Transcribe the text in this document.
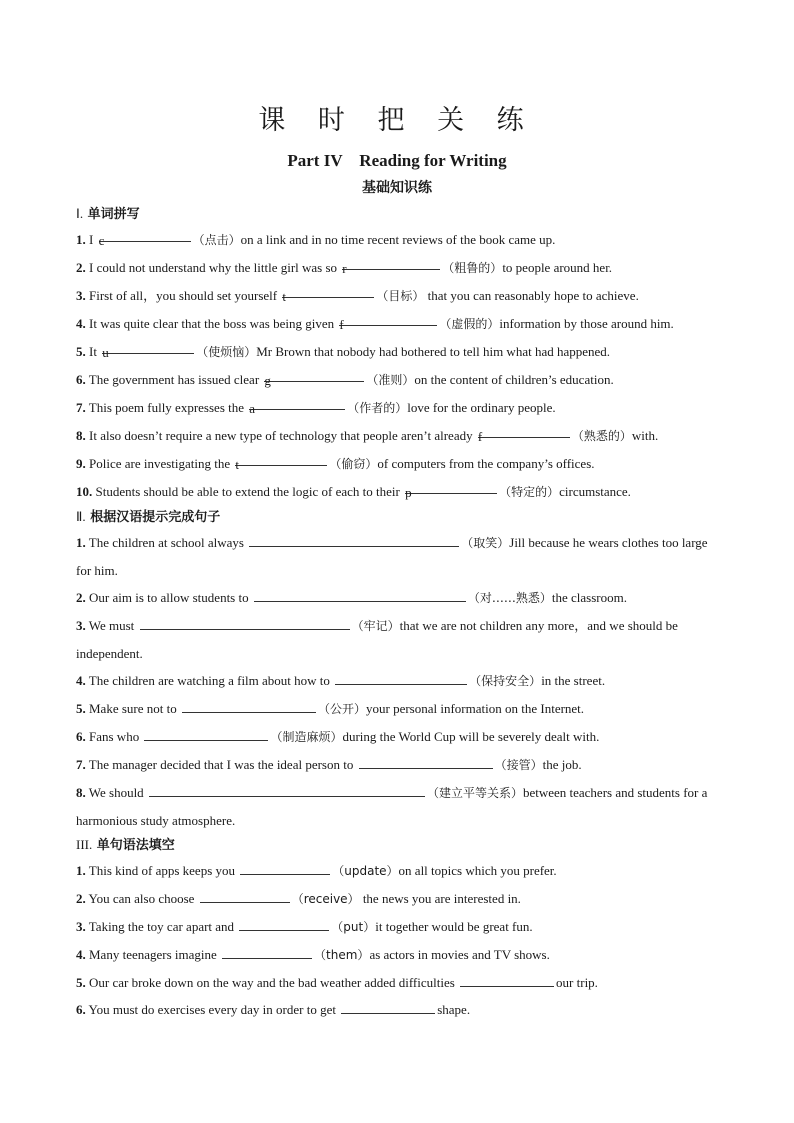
课 时 把 关 练
Part IV    Reading for Writing
基础知识练
Ⅰ. 单词拼写
1. I c	（点击）on a link and in no time recent reviews of the book came up.
2. I could not understand why the little girl was so r	（粗鲁的）to people around her.
3. First of all，you should set yourself t	（目标） that you can reasonably hope to achieve.
4. It was quite clear that the boss was being given f	（虚假的）information by those around him.
5. It u	（使烦恼）Mr Brown that nobody had bothered to tell him what had happened.
6. The government has issued clear g	（准则）on the content of children’s education.
7. This poem fully expresses the a	（作者的）love for the ordinary people.
8. It also doesn’t require a new type of technology that people aren’t already f	（熟悉的）with.
9. Police are investigating the t	（偷窃）of computers from the company’s offices.
10. Students should be able to extend the logic of each to their p	（特定的）circumstance.
Ⅱ. 根据汉语提示完成句子
1. The children at school always	（取笑）Jill because he wears clothes too large for him.
2. Our aim is to allow students to	（对……熟悉）the classroom.
3. We must	（牢记）that we are not children any more，and we should be independent.
4. The children are watching a film about how to	（保持安全）in the street.
5. Make sure not to	（公开）your personal information on the Internet.
6. Fans who	（制造麻烦）during the World Cup will be severely dealt with.
7. The manager decided that I was the ideal person to	（接管）the job.
8. We should	（建立平等关系）between teachers and students for a harmonious study atmosphere.
III. 单句语法填空
1. This kind of apps keeps you	（update）on all topics which you prefer.
2. You can also choose	（receive） the news you are interested in.
3. Taking the toy car apart and	（put）it together would be great fun.
4. Many teenagers imagine	（them）as actors in movies and TV shows.
5. Our car broke down on the way and the bad weather added difficulties	our trip.
6. You must do exercises every day in order to get	shape.
